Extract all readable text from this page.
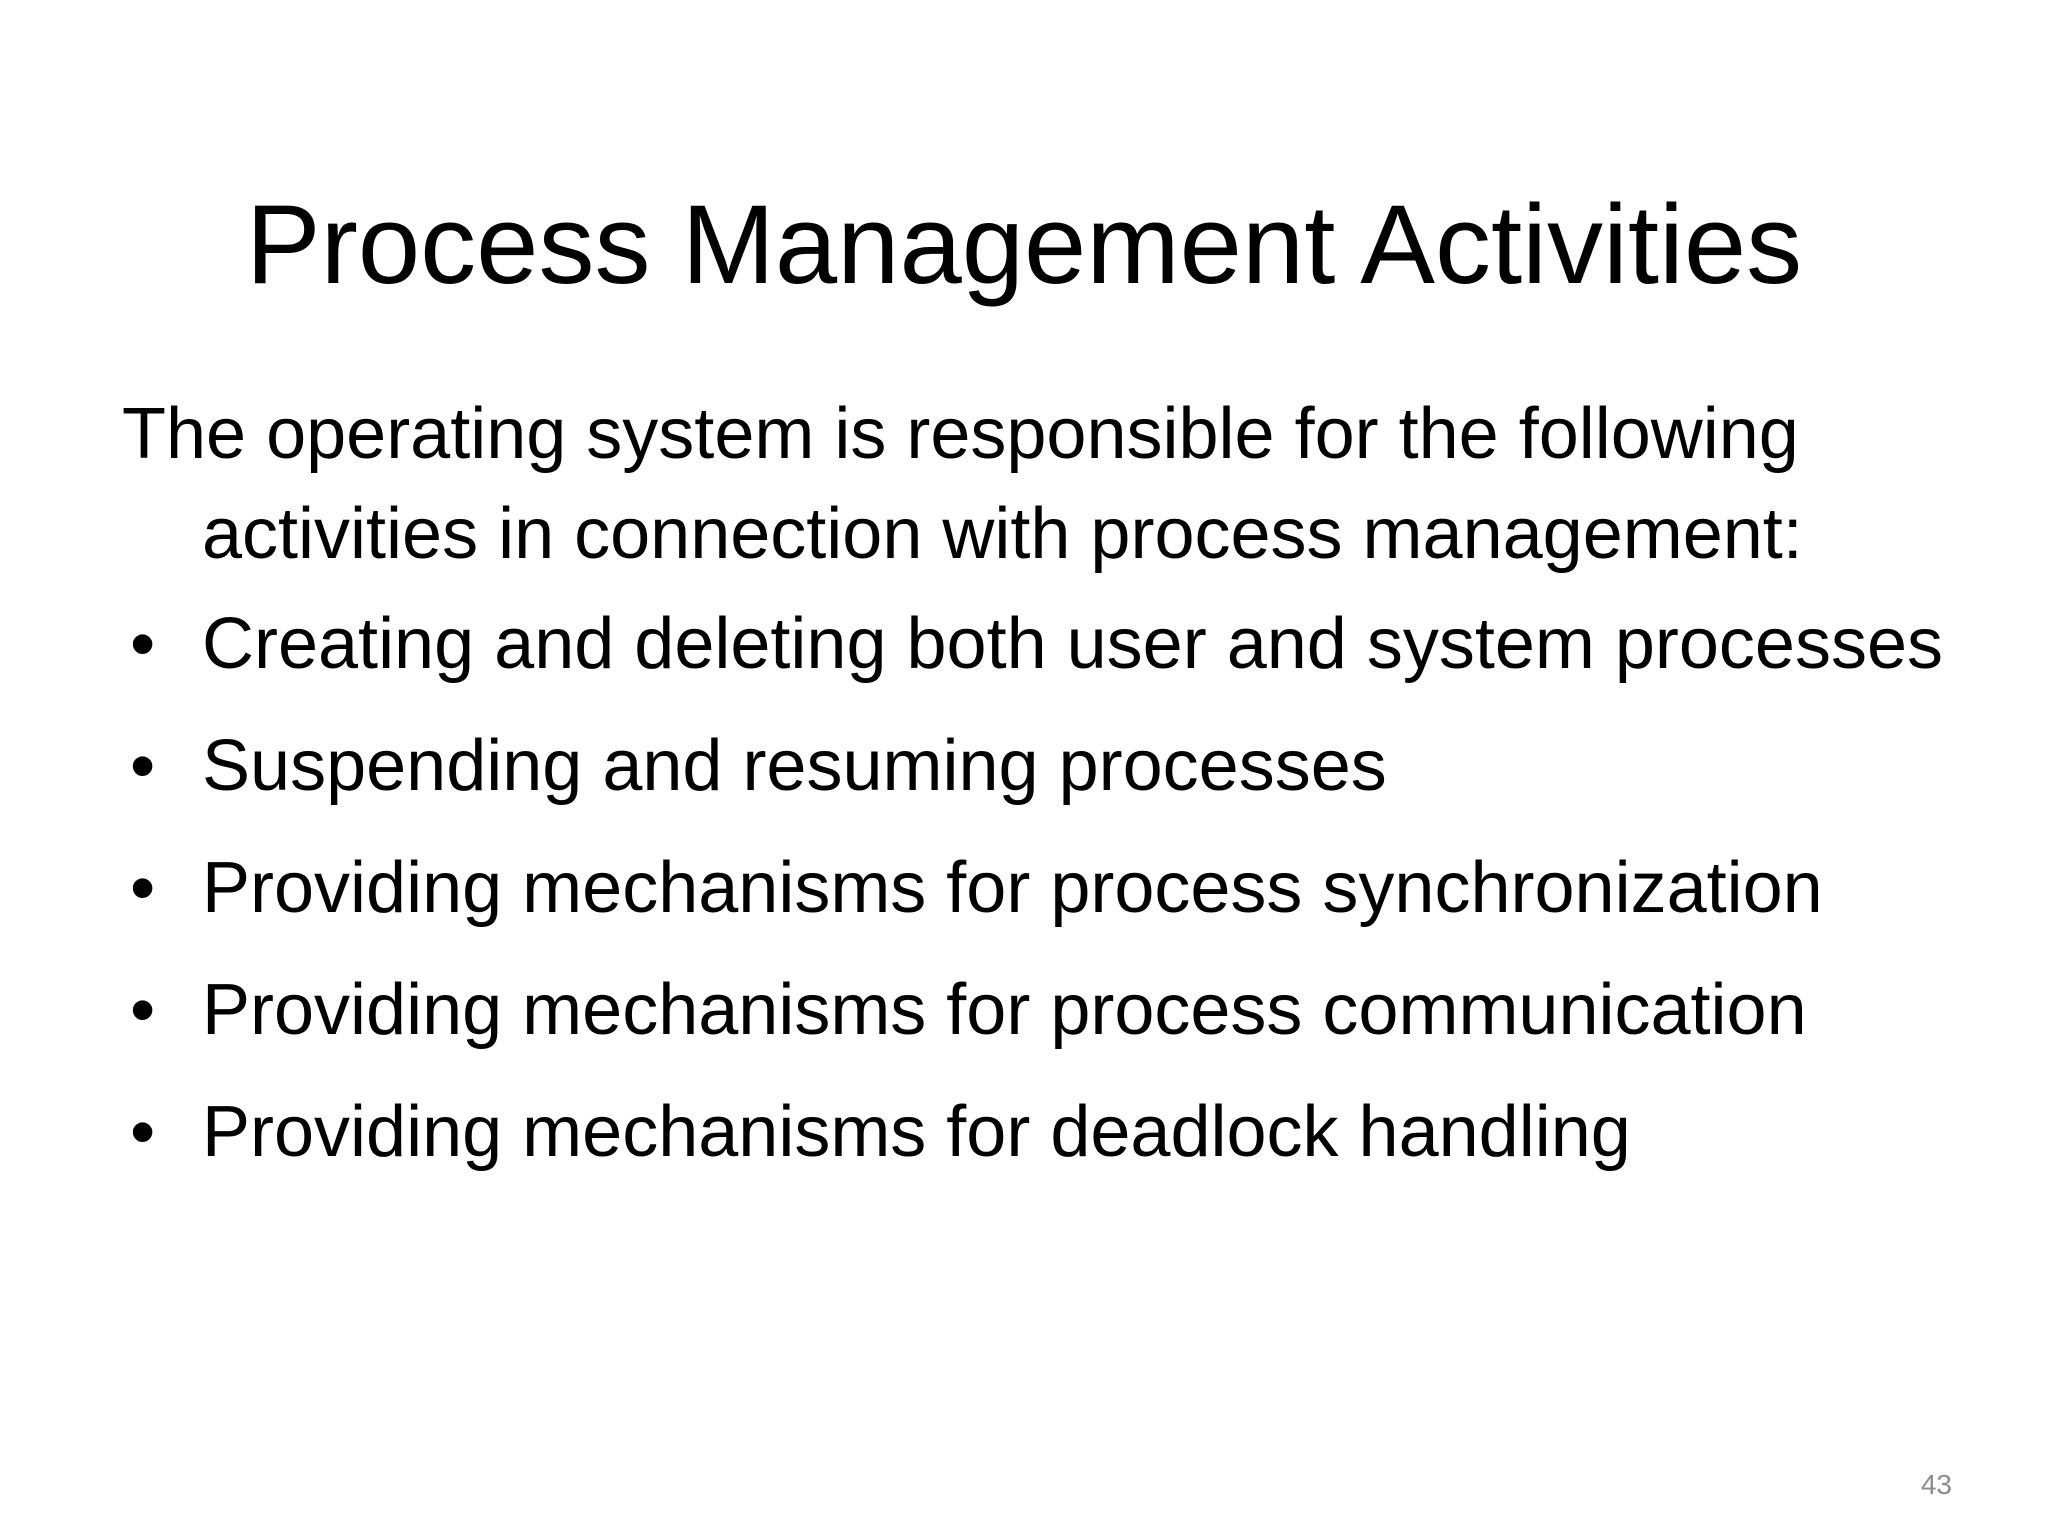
Process Management Activities

The operating system is responsible for the following activities in connection with process management:

• Creating and deleting both user and system processes
• Suspending and resuming processes
• Providing mechanisms for process synchronization
• Providing mechanisms for process communication
• Providing mechanisms for deadlock handling
43
